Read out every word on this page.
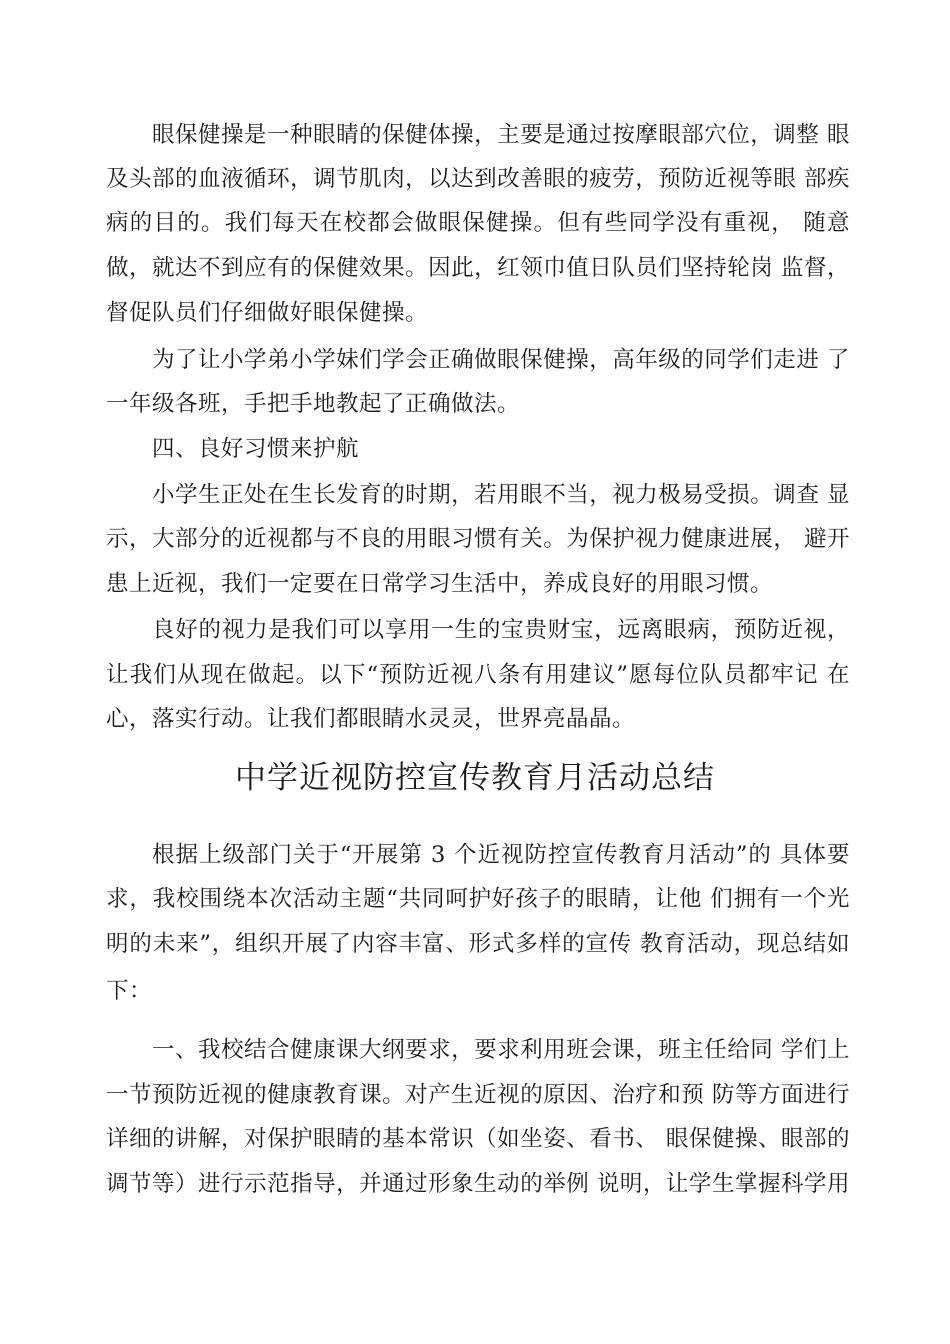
眼保健操是一种眼睛的保健体操，主要是通过按摩眼部穴位，调整 眼

及头部的血液循环，调节肌肉，以达到改善眼的疲劳，预防近视等眼 部疾

病的目的。我们每天在校都会做眼保健操。但有些同学没有重视， 随意

做，就达不到应有的保健效果。因此，红领巾值日队员们坚持轮岗 监督，

督促队员们仔细做好眼保健操。

为了让小学弟小学妹们学会正确做眼保健操，高年级的同学们走进 了

一年级各班，手把手地教起了正确做法。

四、良好习惯来护航

小学生正处在生长发育的时期，若用眼不当，视力极易受损。调查 显

示，大部分的近视都与不良的用眼习惯有关。为保护视力健康进展， 避开

患上近视，我们一定要在日常学习生活中，养成良好的用眼习惯。

良好的视力是我们可以享用一生的宝贵财宝，远离眼病，预防近视，

让我们从现在做起。以下“预防近视八条有用建议”愿每位队员都牢记 在

心，落实行动。让我们都眼睛水灵灵，世界亮晶晶。

中学近视防控宣传教育月活动总结

根据上级部门关于“开展第 3 个近视防控宣传教育月活动”的 具体要

求，我校围绕本次活动主题“共同呵护好孩子的眼睛，让他 们拥有一个光

明的未来”，组织开展了内容丰富、形式多样的宣传 教育活动，现总结如

下：

一、我校结合健康课大纲要求，要求利用班会课，班主任给同 学们上

一节预防近视的健康教育课。对产生近视的原因、治疗和预 防等方面进行

详细的讲解，对保护眼睛的基本常识（如坐姿、看书、 眼保健操、眼部的

调节等）进行示范指导，并通过形象生动的举例 说明，让学生掌握科学用
